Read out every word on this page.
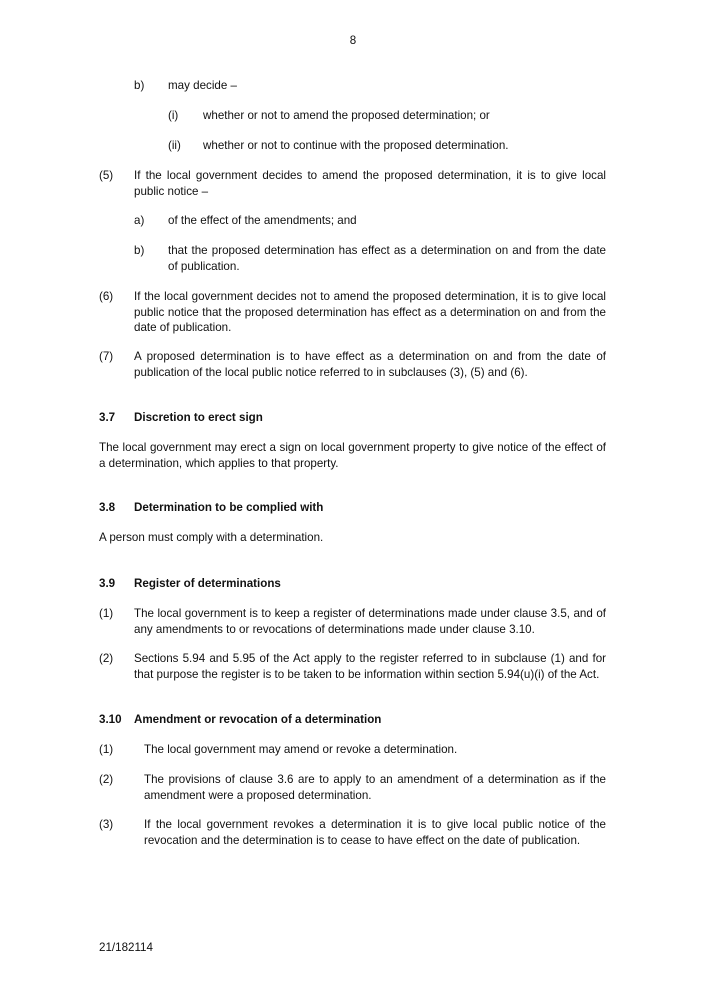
8
b) may decide –
(i) whether or not to amend the proposed determination; or
(ii) whether or not to continue with the proposed determination.
(5) If the local government decides to amend the proposed determination, it is to give local public notice –
a) of the effect of the amendments; and
b) that the proposed determination has effect as a determination on and from the date of publication.
(6) If the local government decides not to amend the proposed determination, it is to give local public notice that the proposed determination has effect as a determination on and from the date of publication.
(7) A proposed determination is to have effect as a determination on and from the date of publication of the local public notice referred to in subclauses (3), (5) and (6).
3.7 Discretion to erect sign
The local government may erect a sign on local government property to give notice of the effect of a determination, which applies to that property.
3.8 Determination to be complied with
A person must comply with a determination.
3.9 Register of determinations
(1) The local government is to keep a register of determinations made under clause 3.5, and of any amendments to or revocations of determinations made under clause 3.10.
(2) Sections 5.94 and 5.95 of the Act apply to the register referred to in subclause (1) and for that purpose the register is to be taken to be information within section 5.94(u)(i) of the Act.
3.10 Amendment or revocation of a determination
(1)	The local government may amend or revoke a determination.
(2)	The provisions of clause 3.6 are to apply to an amendment of a determination as if the amendment were a proposed determination.
(3)	If the local government revokes a determination it is to give local public notice of the revocation and the determination is to cease to have effect on the date of publication.
21/182114
